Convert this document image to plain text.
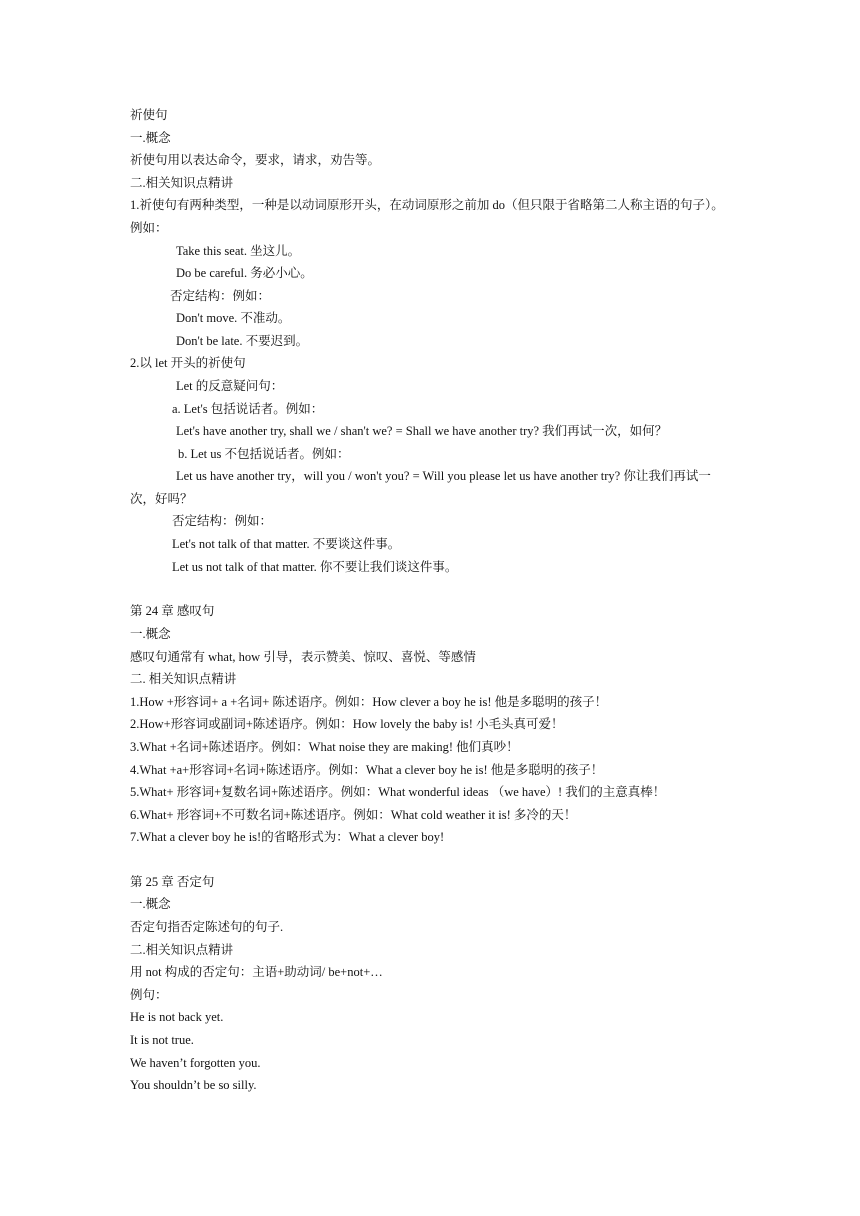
祈使句
一.概念
祈使句用以表达命令，要求，请求，劝告等。
二.相关知识点精讲
1.祈使句有两种类型，一种是以动词原形开头，在动词原形之前加 do（但只限于省略第二人称主语的句子）。
例如：
Take this seat. 坐这儿。
Do be careful. 务必小心。
否定结构：例如：
Don't move. 不准动。
Don't be late. 不要迟到。
2.以 let 开头的祈使句
Let 的反意疑问句：
a. Let's 包括说话者。例如：
Let's have another try, shall we / shan't we? = Shall we have another try? 我们再试一次，如何？
b. Let us 不包括说话者。例如：
Let us have another try，will you / won't you? = Will you please let us have another try? 你让我们再试一
次，好吗？
否定结构：例如：
Let's not talk of that matter. 不要谈这件事。
Let us not talk of that matter. 你不要让我们谈这件事。
第 24 章 感叹句
一.概念
感叹句通常有 what, how 引导，表示赞美、惊叹、喜悦、等感情
二. 相关知识点精讲
1.How +形容词+ a +名词+ 陈述语序。例如：How clever a boy he is! 他是多聪明的孩子！
2.How+形容词或副词+陈述语序。例如：How lovely the baby is! 小毛头真可爱！
3.What +名词+陈述语序。例如：What noise they are making! 他们真吵！
4.What +a+形容词+名词+陈述语序。例如：What a clever boy he is! 他是多聪明的孩子！
5.What+ 形容词+复数名词+陈述语序。例如：What wonderful ideas （we have）! 我们的主意真棒！
6.What+ 形容词+不可数名词+陈述语序。例如：What cold weather it is! 多冷的天！
7.What a clever boy he is!的省略形式为：What a clever boy!
第 25 章 否定句
一.概念
否定句指否定陈述句的句子.
二.相关知识点精讲
用 not 构成的否定句：主语+助动词/ be+not+…
例句：
He is not back yet.
It is not true.
We haven’t forgotten you.
You shouldn’t be so silly.
